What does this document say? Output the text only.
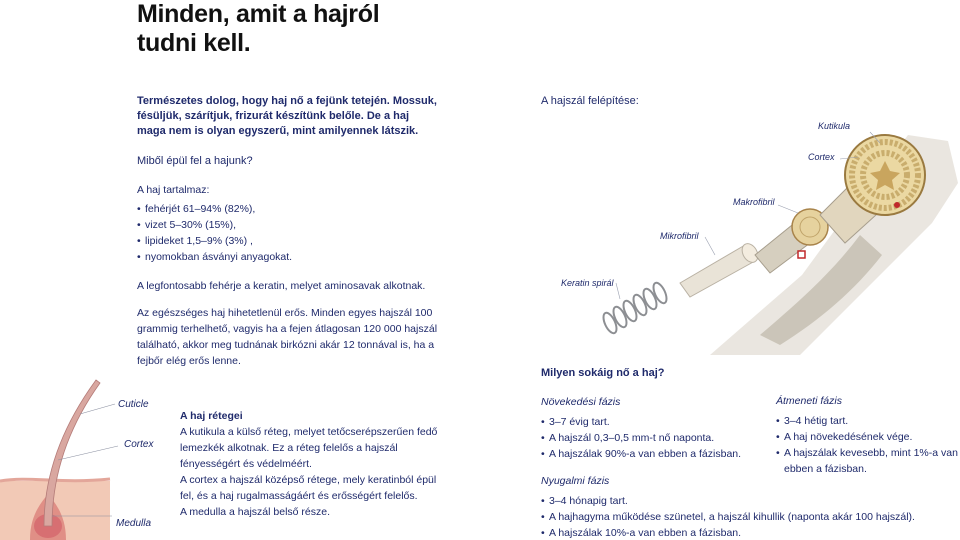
Minden, amit a hajról
tudni kell.
Természetes dolog, hogy haj nő a fejünk tetején. Mossuk, fésüljük, szárítjuk, frizurát készítünk belőle. De a haj maga nem is olyan egyszerű, mint amilyennek látszik.
Miből épül fel a hajunk?
A haj tartalmaz:
• fehérjét 61–94% (82%),
• vizet 5–30% (15%),
• lipideket 1,5–9% (3%) ,
• nyomokban ásványi anyagokat.
A legfontosabb fehérje a keratin, melyet aminosavak alkotnak.
Az egészséges haj hihetetlenül erős. Minden egyes hajszál 100 grammig terhelhető, vagyis ha a fejen átlagosan 120 000 hajszál található, akkor meg tudnának birkózni akár 12 tonnával is, ha a fejbőr elég erős lenne.
A hajszál felépítése:
Kutikula
Cortex
Makrofibril
Mikrofibril
Keratin spirál
Cuticle
Cortex
Medulla
A haj rétegei
A kutikula a külső réteg, melyet tetőcserépszerűen fedő lemezkék alkotnak. Ez a réteg felelős a hajszál fényességért és védelméért.
A cortex a hajszál középső rétege, mely keratinból épül fel, és a haj rugalmasságáért és erősségért felelős.
A medulla a hajszál belső része.
Milyen sokáig nő a haj?
Növekedési fázis
• 3–7 évig tart.
• A hajszál 0,3–0,5 mm-t nő naponta.
• A hajszálak 90%-a van ebben a fázisban.
Átmeneti fázis
• 3–4 hétig tart.
• A haj növekedésének vége.
• A hajszálak kevesebb, mint 1%-a van ebben a fázisban.
Nyugalmi fázis
• 3–4 hónapig tart.
• A hajhagyma működése szünetel, a hajszál kihullik (naponta akár 100 hajszál).
• A hajszálak 10%-a van ebben a fázisban.
